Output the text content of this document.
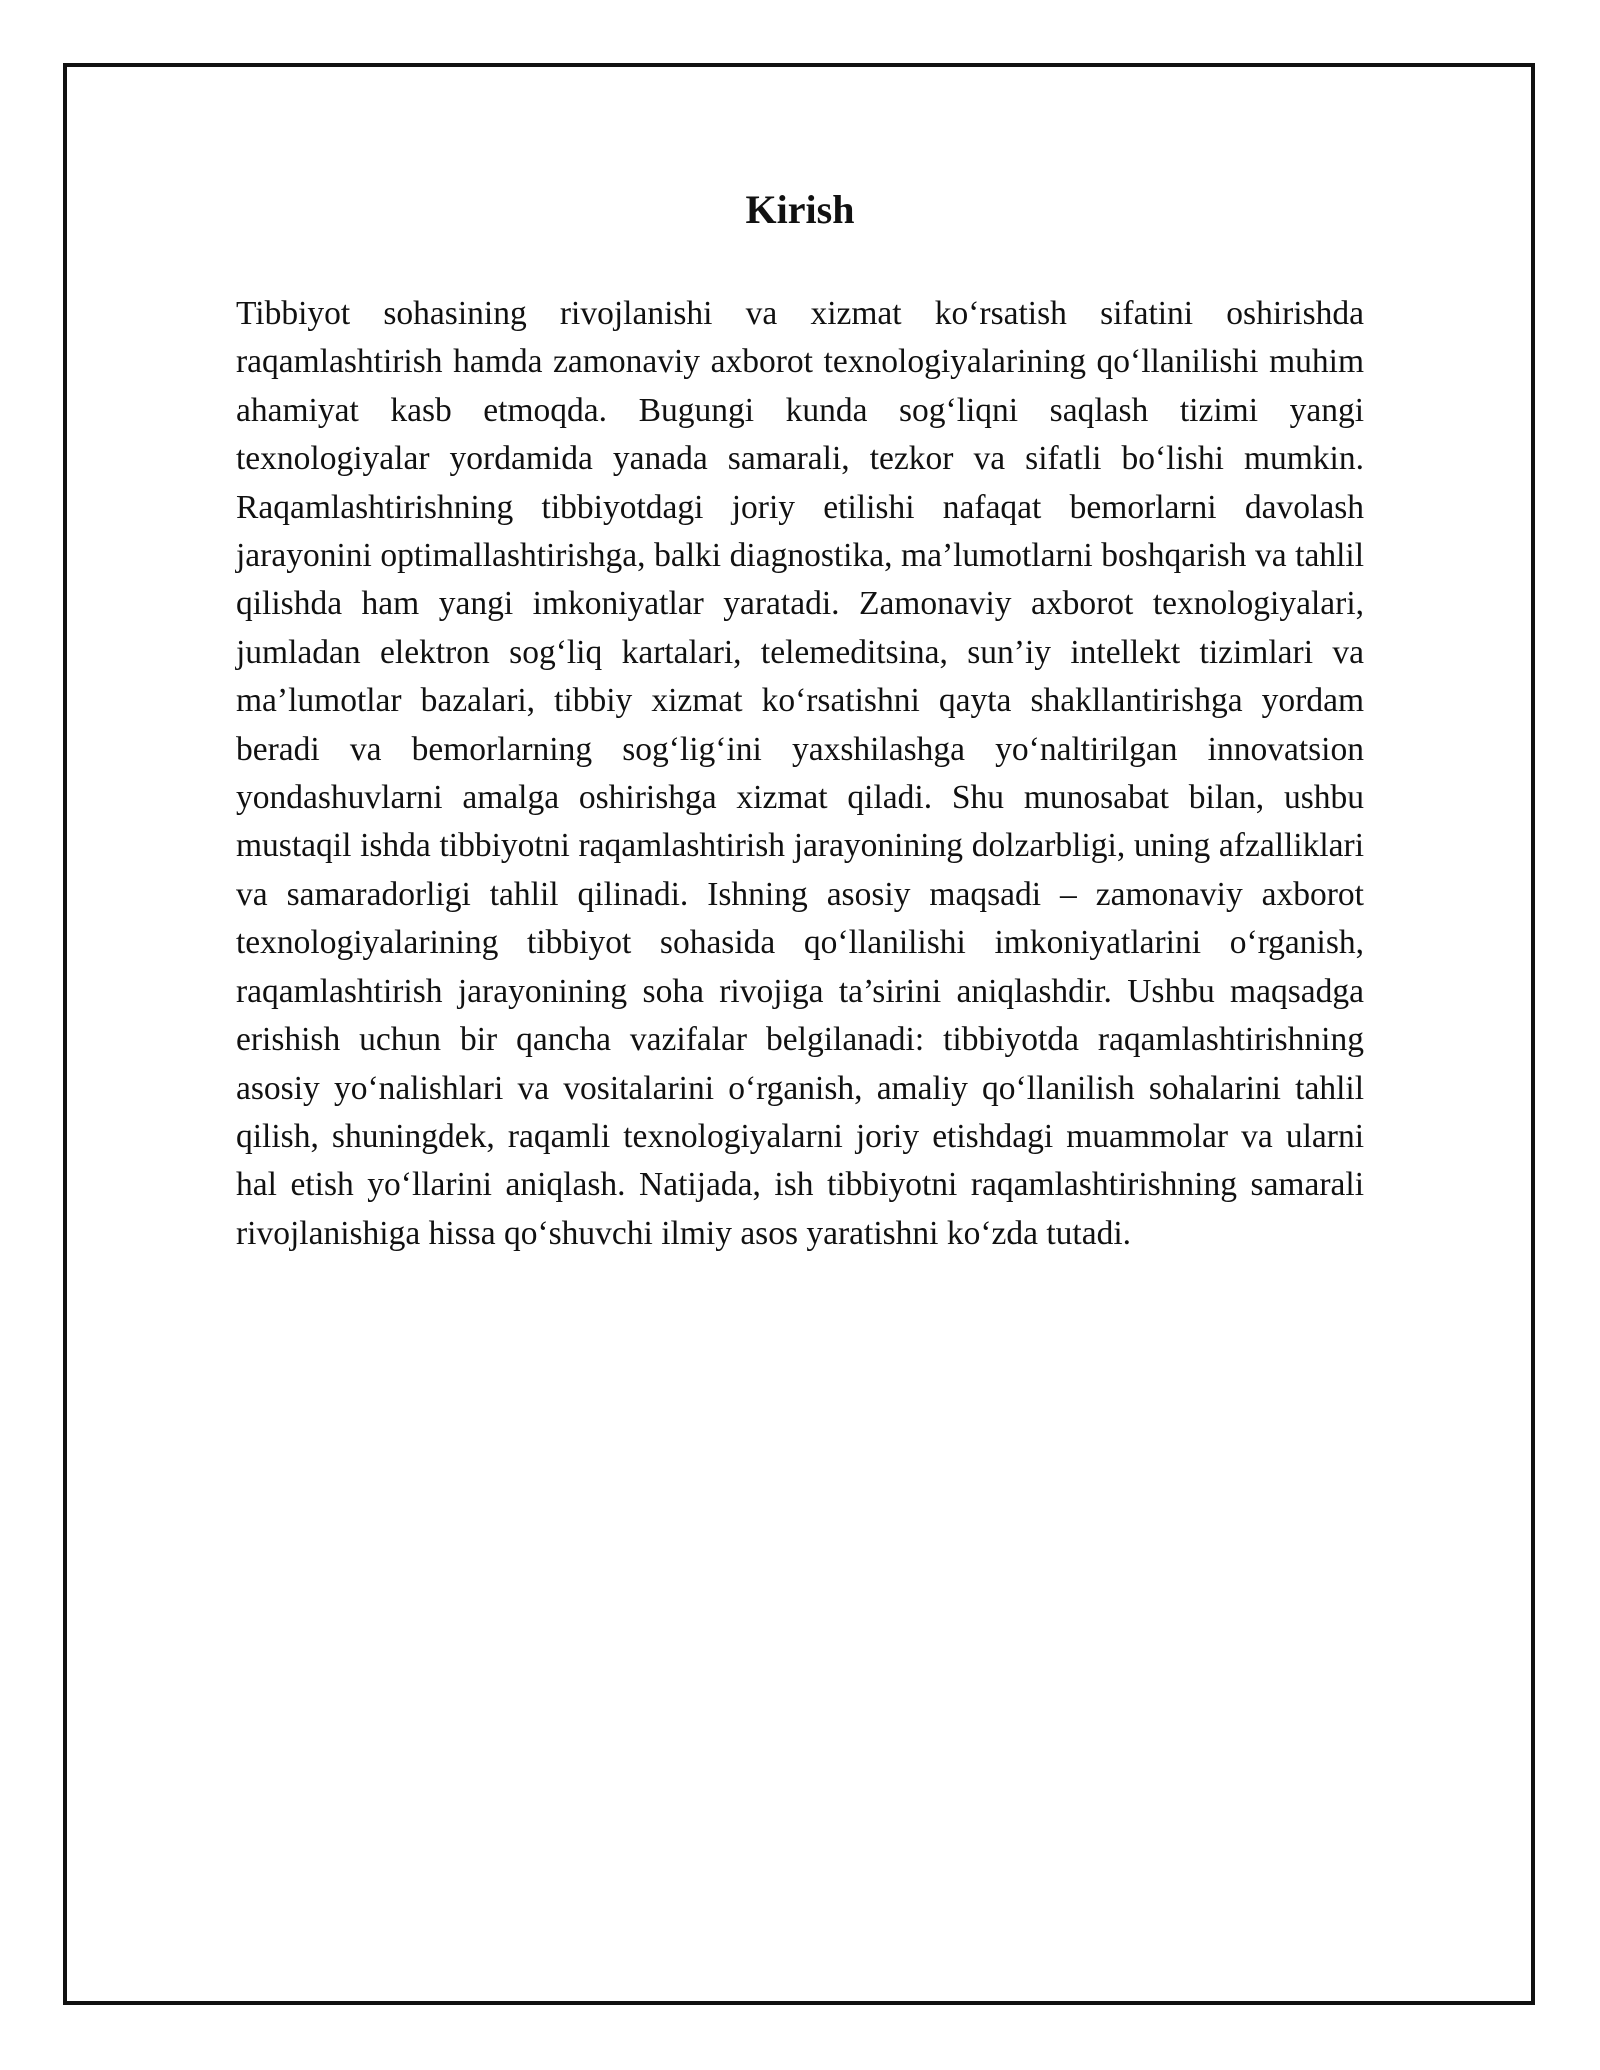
Kirish

Tibbiyot sohasining rivojlanishi va xizmat ko‘rsatish sifatini oshirishda raqamlashtirish hamda zamonaviy axborot texnologiyalarining qo‘llanilishi muhim ahamiyat kasb etmoqda. Bugungi kunda sog‘liqni saqlash tizimi yangi texnologiyalar yordamida yanada samarali, tezkor va sifatli bo‘lishi mumkin. Raqamlashtirishning tibbiyotdagi joriy etilishi nafaqat bemorlarni davolash jarayonini optimallashtirishga, balki diagnostika, ma’lumotlarni boshqarish va tahlil qilishda ham yangi imkoniyatlar yaratadi. Zamonaviy axborot texnologiyalari, jumladan elektron sog‘liq kartalari, telemeditsina, sun’iy intellekt tizimlari va ma’lumotlar bazalari, tibbiy xizmat ko‘rsatishni qayta shakllantirishga yordam beradi va bemorlarning sog‘lig‘ini yaxshilashga yo‘naltirilgan innovatsion yondashuvlarni amalga oshirishga xizmat qiladi. Shu munosabat bilan, ushbu mustaqil ishda tibbiyotni raqamlashtirish jarayonining dolzarbligi, uning afzalliklari va samaradorligi tahlil qilinadi. Ishning asosiy maqsadi – zamonaviy axborot texnologiyalarining tibbiyot sohasida qo‘llanilishi imkoniyatlarini o‘rganish, raqamlashtirish jarayonining soha rivojiga ta’sirini aniqlashdir. Ushbu maqsadga erishish uchun bir qancha vazifalar belgilanadi: tibbiyotda raqamlashtirishning asosiy yo‘nalishlari va vositalarini o‘rganish, amaliy qo‘llanilish sohalarini tahlil qilish, shuningdek, raqamli texnologiyalarni joriy etishdagi muammolar va ularni hal etish yo‘llarini aniqlash. Natijada, ish tibbiyotni raqamlashtirishning samarali rivojlanishiga hissa qo‘shuvchi ilmiy asos yaratishni ko‘zda tutadi.
